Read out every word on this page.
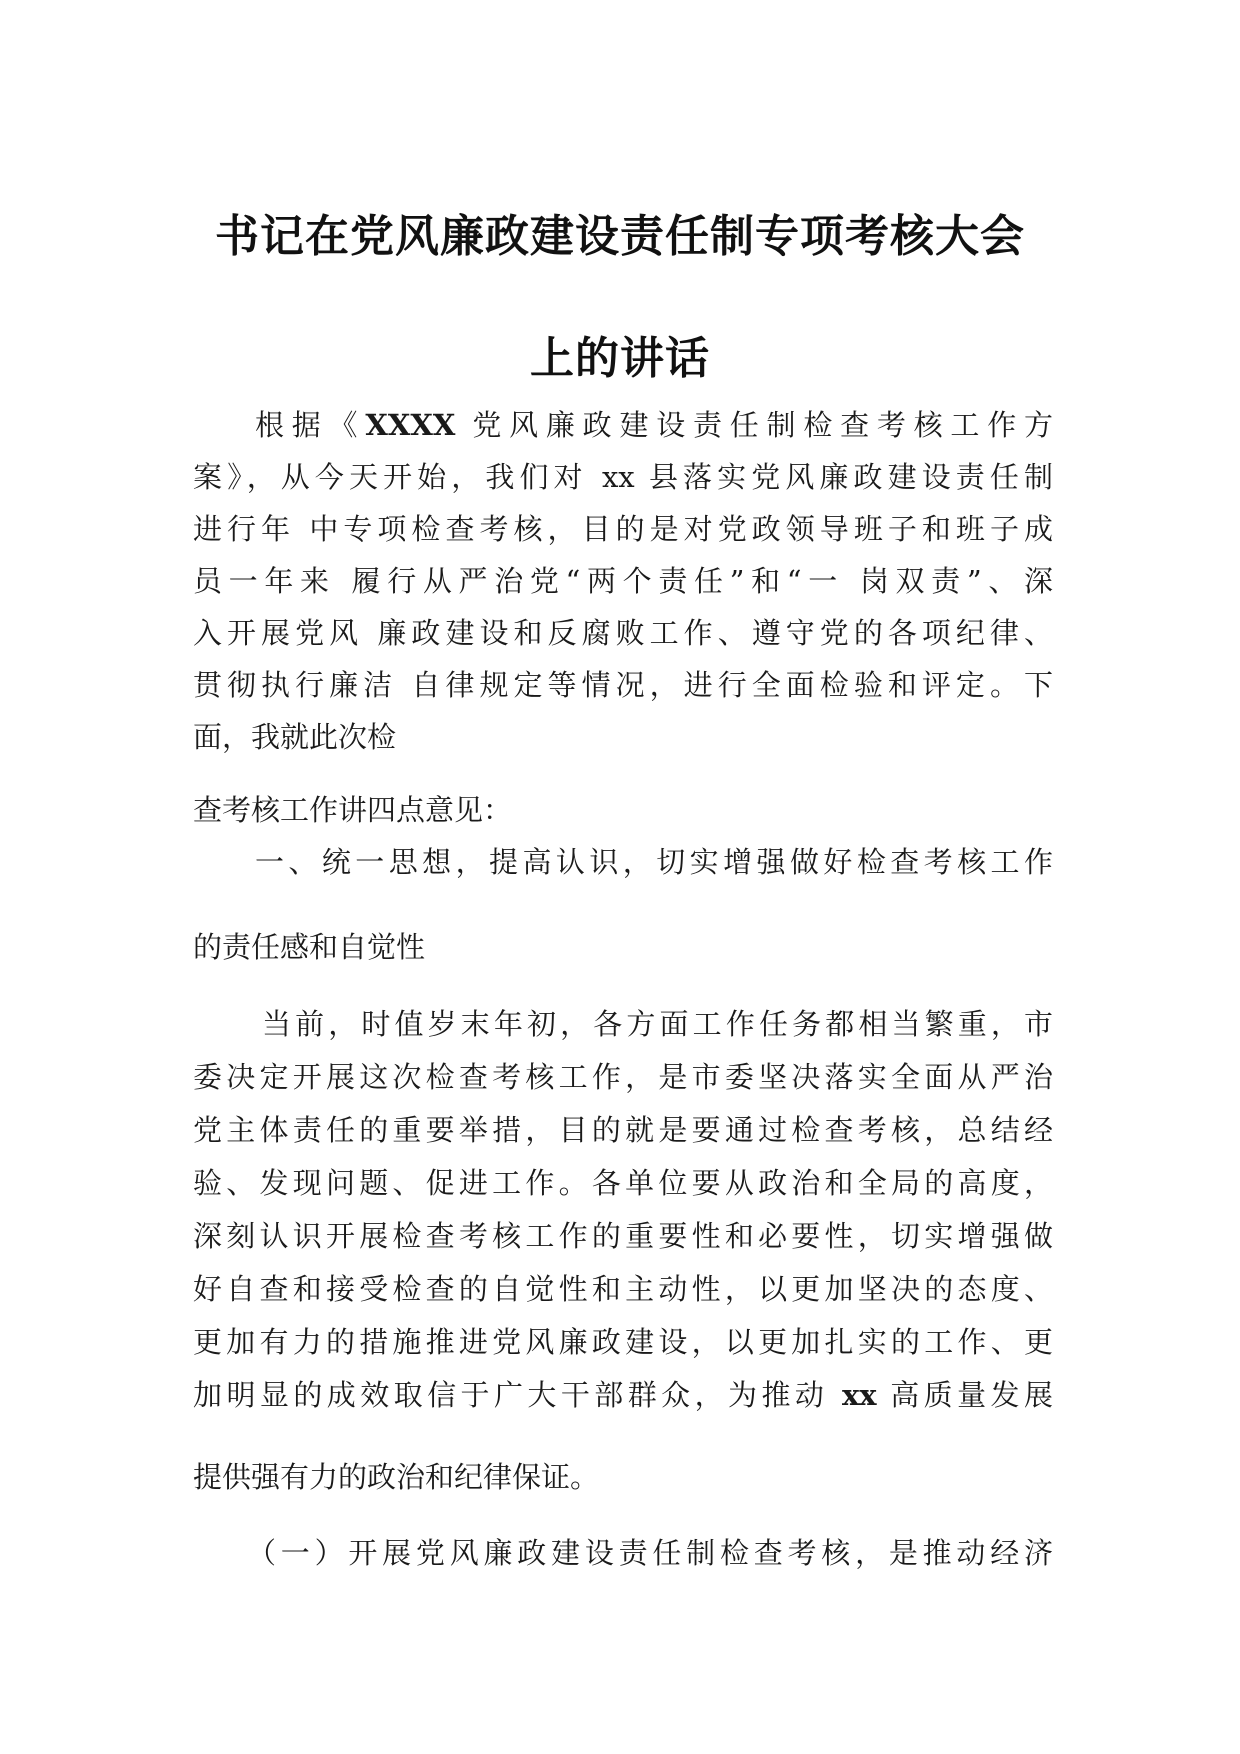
书记在党风廉政建设责任制专项考核大会
上的讲话
根据《XXXX 党风廉政建设责任制检查考核工作方
案》，从今天开始，我们对 xx 县落实党风廉政建设责任制
进行年 中专项检查考核，目的是对党政领导班子和班子成
员一年来 履行从严治党“两个责任”和“一 岗双责”、深
入开展党风 廉政建设和反腐败工作、遵守党的各项纪律、
贯彻执行廉洁 自律规定等情况，进行全面检验和评定。下
面，我就此次检
查考核工作讲四点意见：
一、统一思想，提高认识，切实增强做好检查考核工作
的责任感和自觉性
当前，时值岁末年初，各方面工作任务都相当繁重，市
委决定开展这次检查考核工作，是市委坚决落实全面从严治
党主体责任的重要举措，目的就是要通过检查考核，总结经
验、发现问题、促进工作。各单位要从政治和全局的高度，
深刻认识开展检查考核工作的重要性和必要性，切实增强做
好自查和接受检查的自觉性和主动性，以更加坚决的态度、
更加有力的措施推进党风廉政建设，以更加扎实的工作、更
加明显的成效取信于广大干部群众，为推动 xx 高质量发展
提供强有力的政治和纪律保证。
（一）开展党风廉政建设责任制检查考核，是推动经济
